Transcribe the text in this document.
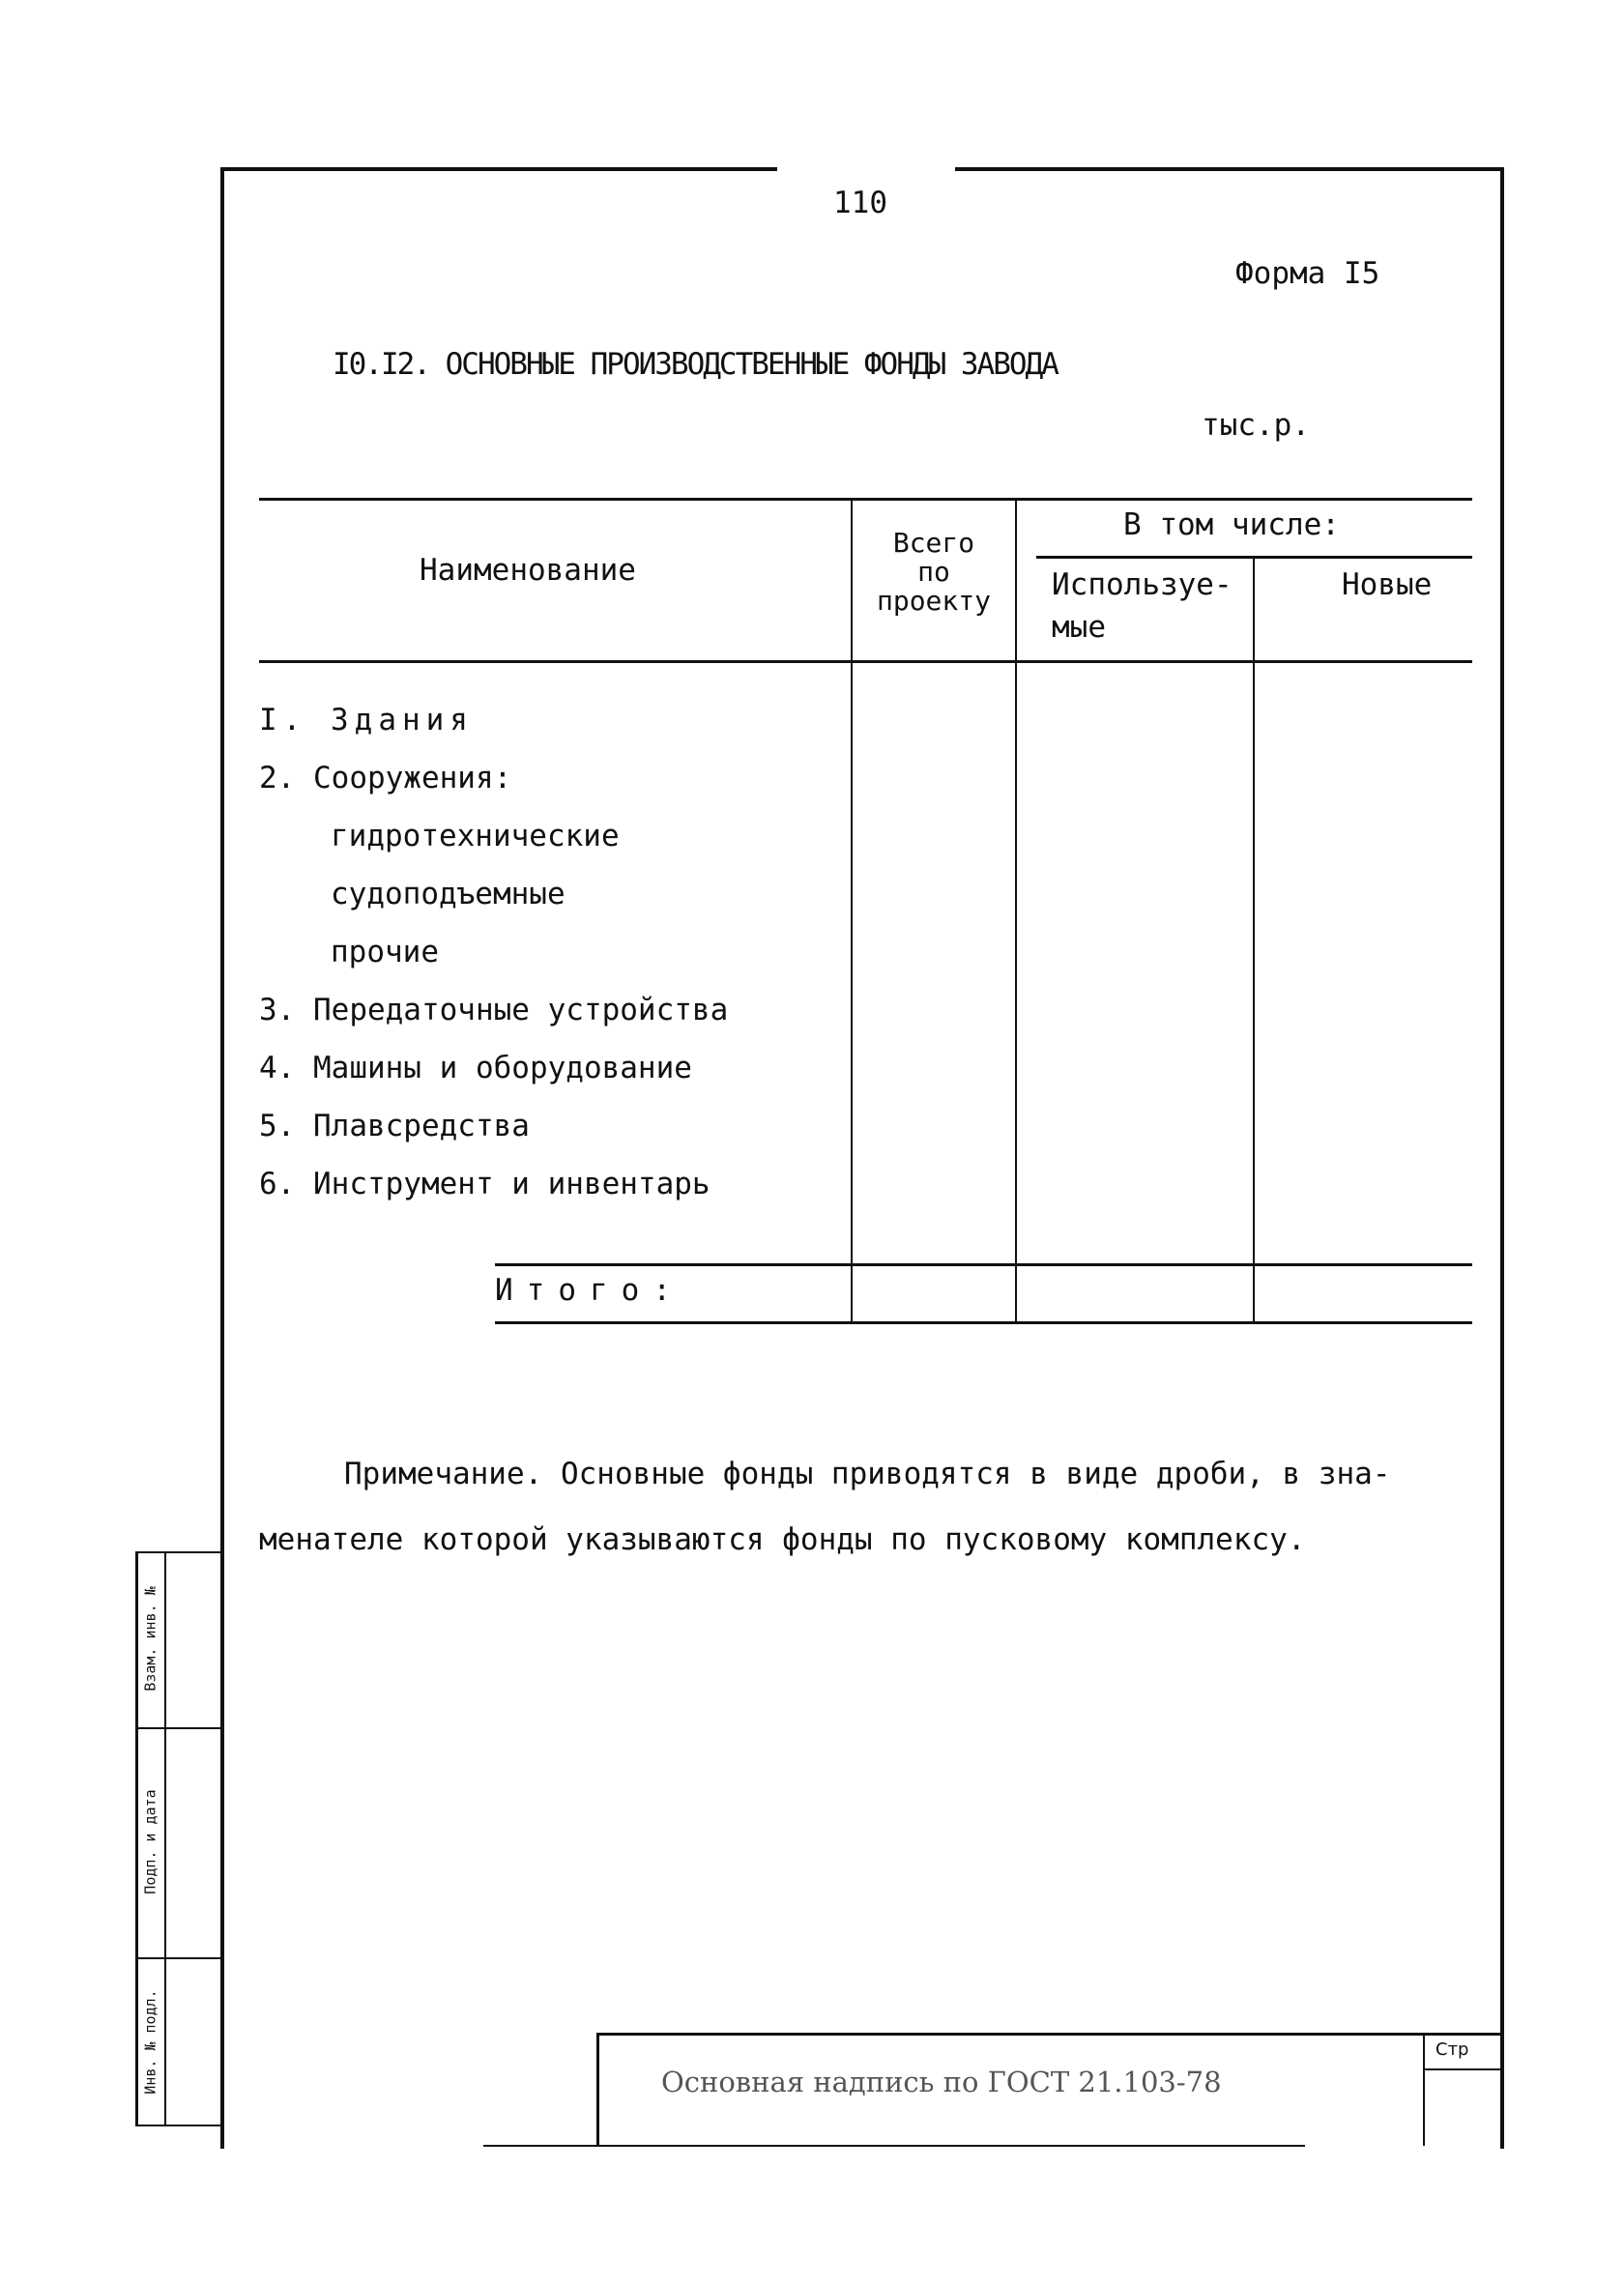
110
Форма I5
I0.I2. ОСНОВНЫЕ ПРОИЗВОДСТВЕННЫЕ ФОНДЫ ЗАВОДА
тыс.р.
Наименование
Всего
по
проекту
В том числе:
Используе-
мые
Новые
I. Здания
2. Сооружения:
гидротехнические
судоподъемные
прочие
3. Передаточные устройства
4. Машины и оборудование
5. Плавсредства
6. Инструмент и инвентарь
Итого:
Примечание. Основные фонды приводятся в виде дроби, в зна-
менателе которой указываются фонды по пусковому комплексу.
Взам. инв. №
Подп. и дата
Инв. № подл.	Основная надпись по ГОСТ 21.103-78
Стр
